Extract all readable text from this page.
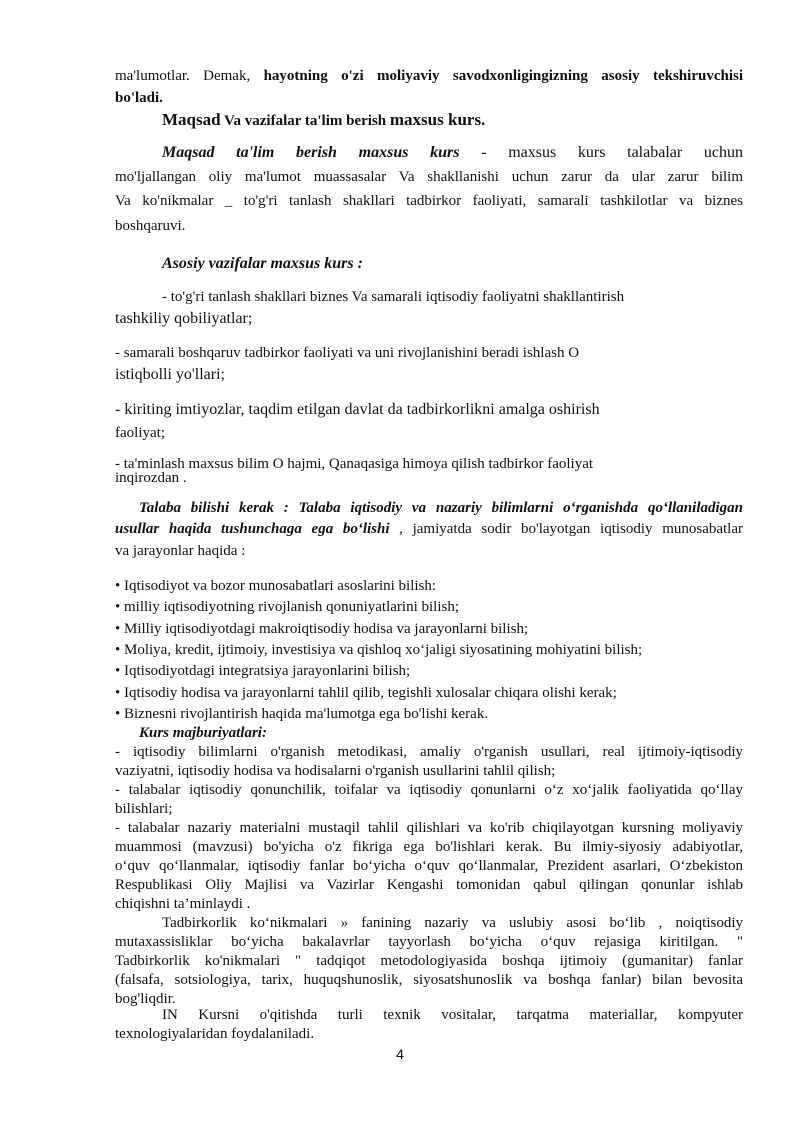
ma'lumotlar. Demak, hayotning o'zi moliyaviy savodxonligingizning asosiy tekshiruvchisi
bo'ladi.
Maqsad Va vazifalar ta'lim berish maxsus kurs.
Maqsad ta'lim berish maxsus kurs - maxsus kurs talabalar uchun
mo'ljallangan oliy ma'lumot muassasalar Va shakllanishi uchun zarur da ular zarur bilim
Va ko'nikmalar _ to'g'ri tanlash shakllari tadbirkor faoliyati, samarali tashkilotlar va biznes
boshqaruvi.
Asosiy vazifalar maxsus kurs :
- to'g'ri tanlash shakllari biznes Va samarali iqtisodiy faoliyatni shakllantirish
tashkiliy qobiliyatlar;
- samarali boshqaruv tadbirkor faoliyati va uni rivojlanishini beradi ishlash O
istiqbolli yo'llari;
- kiriting imtiyozlar, taqdim etilgan davlat da tadbirkorlikni amalga oshirish
faoliyat;
- ta'minlash maxsus bilim O hajmi, Qanaqasiga himoya qilish tadbirkor faoliyat
inqirozdan .
Talaba bilishi kerak : Talaba iqtisodiy va nazariy bilimlarni o‘rganishda qo‘llaniladigan
usullar haqida tushunchaga ega bo‘lishi , jamiyatda sodir bo'layotgan iqtisodiy munosabatlar
va jarayonlar haqida :
• Iqtisodiyot va bozor munosabatlari asoslarini bilish:
• milliy iqtisodiyotning rivojlanish qonuniyatlarini bilish;
• Milliy iqtisodiyotdagi makroiqtisodiy hodisa va jarayonlarni bilish;
• Moliya, kredit, ijtimoiy, investisiya va qishloq xo‘jaligi siyosatining mohiyatini bilish;
• Iqtisodiyotdagi integratsiya jarayonlarini bilish;
• Iqtisodiy hodisa va jarayonlarni tahlil qilib, tegishli xulosalar chiqara olishi kerak;
• Biznesni rivojlantirish haqida ma'lumotga ega bo'lishi kerak.
Kurs majburiyatlari:
- iqtisodiy bilimlarni o'rganish metodikasi, amaliy o'rganish usullari, real ijtimoiy-iqtisodiy
vaziyatni, iqtisodiy hodisa va hodisalarni o'rganish usullarini tahlil qilish;
- talabalar iqtisodiy qonunchilik, toifalar va iqtisodiy qonunlarni o‘z xo‘jalik faoliyatida qo‘llay
bilishlari;
- talabalar nazariy materialni mustaqil tahlil qilishlari va ko'rib chiqilayotgan kursning moliyaviy
muammosi (mavzusi) bo'yicha o'z fikriga ega bo'lishlari kerak. Bu ilmiy-siyosiy adabiyotlar,
o‘quv qo‘llanmalar, iqtisodiy fanlar bo‘yicha o‘quv qo‘llanmalar, Prezident asarlari, O‘zbekiston
Respublikasi Oliy Majlisi va Vazirlar Kengashi tomonidan qabul qilingan qonunlar ishlab
chiqishni ta’minlaydi .
Tadbirkorlik ko‘nikmalari » fanining nazariy va uslubiy asosi bo‘lib , noiqtisodiy
mutaxassisliklar bo‘yicha bakalavrlar tayyorlash bo‘yicha o‘quv rejasiga kiritilgan. "
Tadbirkorlik ko'nikmalari " tadqiqot metodologiyasida boshqa ijtimoiy (gumanitar) fanlar
(falsafa, sotsiologiya, tarix, huquqshunoslik, siyosatshunoslik va boshqa fanlar) bilan bevosita
bog'liqdir.
IN Kursni o'qitishda turli texnik vositalar, tarqatma materiallar, kompyuter
texnologiyalaridan foydalaniladi.
4
